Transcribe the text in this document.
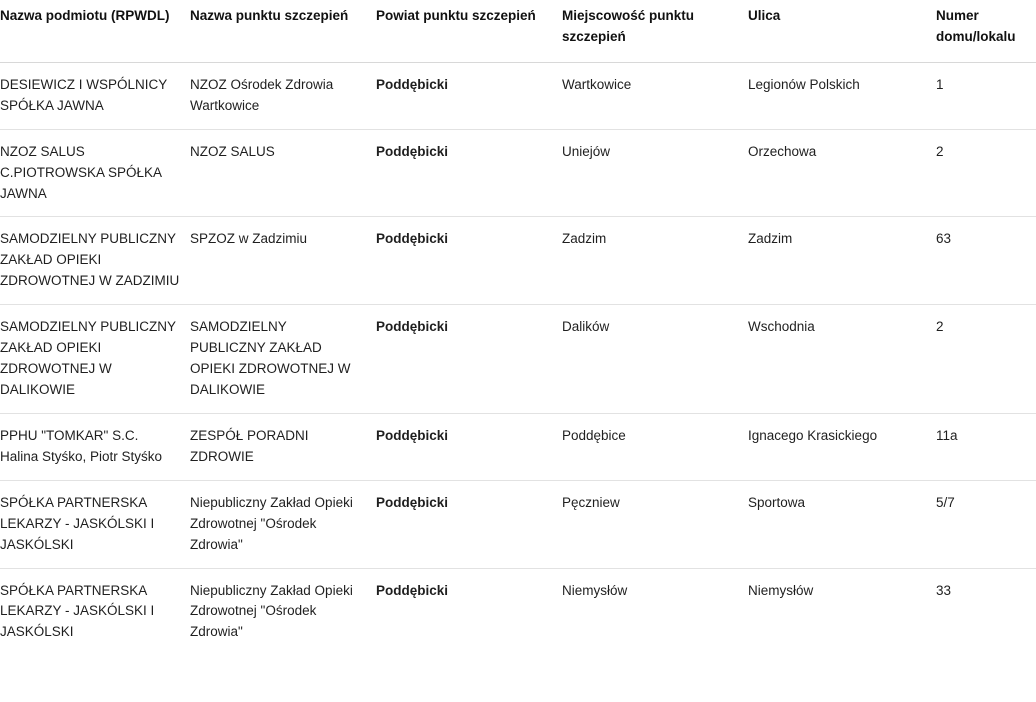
Nazwa podmiotu (RPWDL)	Nazwa punktu szczepień	Powiat punktu szczepień	Miejscowość punktu szczepień	Ulica	Numer domu/lokalu
DESIEWICZ I WSPÓLNICY SPÓŁKA JAWNA	NZOZ Ośrodek Zdrowia Wartkowice	Poddębicki	Wartkowice	Legionów Polskich	1
NZOZ SALUS C.PIOTROWSKA SPÓŁKA JAWNA	NZOZ SALUS	Poddębicki	Uniejów	Orzechowa	2
SAMODZIELNY PUBLICZNY ZAKŁAD OPIEKI ZDROWOTNEJ W ZADZIMIU	SPZOZ w Zadzimiu	Poddębicki	Zadzim	Zadzim	63
SAMODZIELNY PUBLICZNY ZAKŁAD OPIEKI ZDROWOTNEJ W DALIKOWIE	SAMODZIELNY PUBLICZNY ZAKŁAD OPIEKI ZDROWOTNEJ W DALIKOWIE	Poddębicki	Dalików	Wschodnia	2
PPHU "TOMKAR" S.C. Halina Styśko, Piotr Styśko	ZESPÓŁ PORADNI ZDROWIE	Poddębicki	Poddębice	Ignacego Krasickiego	11a
SPÓŁKA PARTNERSKA LEKARZY - JASKÓLSKI I JASKÓLSKI	Niepubliczny Zakład Opieki Zdrowotnej "Ośrodek Zdrowia"	Poddębicki	Pęczniew	Sportowa	5/7
SPÓŁKA PARTNERSKA LEKARZY - JASKÓLSKI I JASKÓLSKI	Niepubliczny Zakład Opieki Zdrowotnej "Ośrodek Zdrowia"	Poddębicki	Niemysłów	Niemysłów	33
